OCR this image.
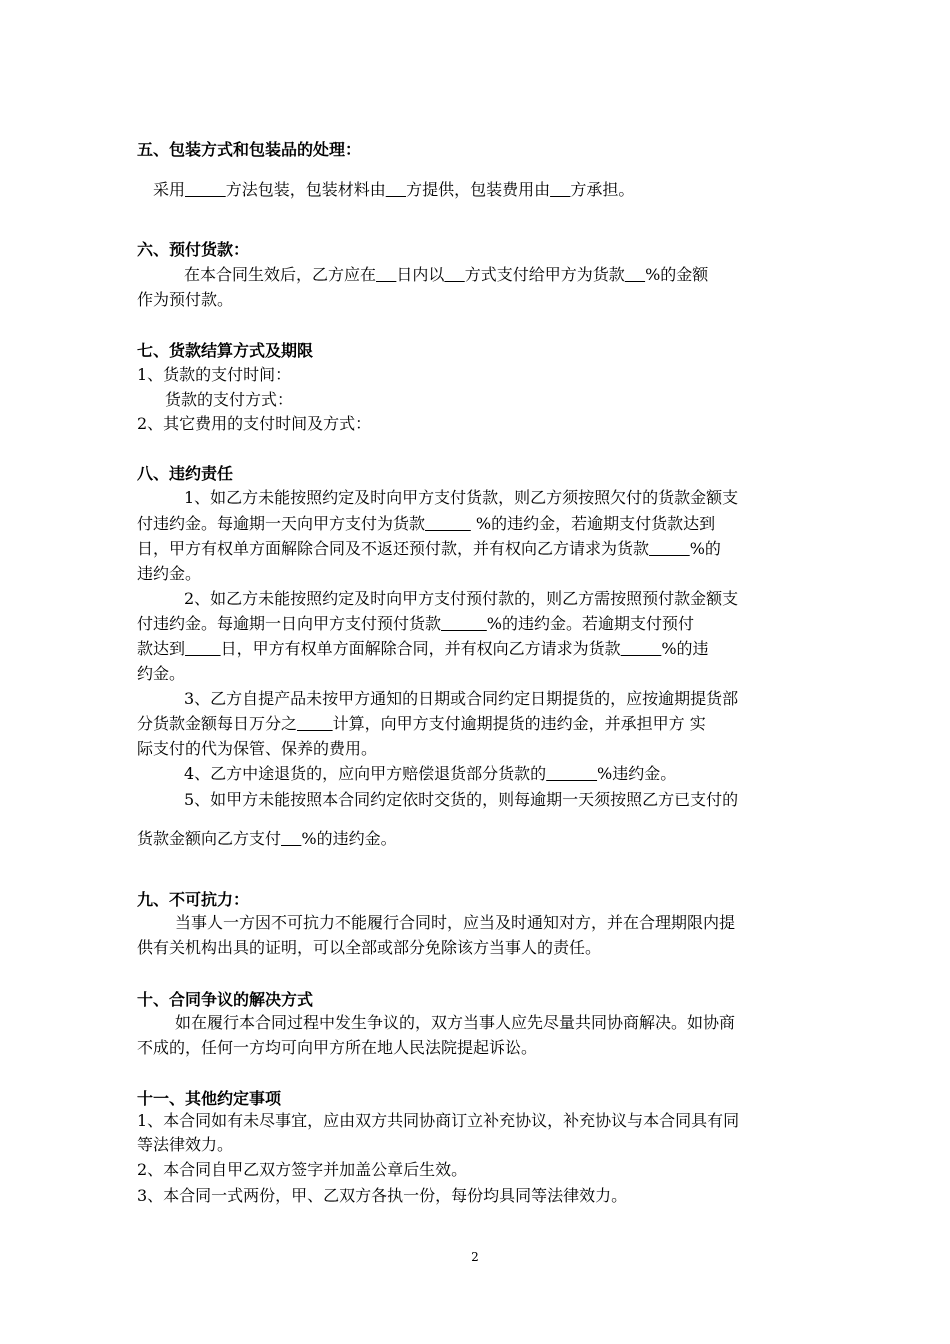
五、包装方式和包装品的处理：
采用	方法包装，包装材料由 方提供，包装费用由 方承担。
六、预付货款：
在本合同生效后，乙方应在 日内以 方式支付给甲方为货款 %的金额
作为预付款。
七、货款结算方式及期限
1、货款的支付时间：
货款的支付方式：
2、其它费用的支付时间及方式：
八、违约责任
1、如乙方未能按照约定及时向甲方支付货款，则乙方须按照欠付的货款金额支
付违约金。每逾期一天向甲方支付为货款	%的违约金，若逾期支付货款达到
日，甲方有权单方面解除合同及不返还预付款，并有权向乙方请求为货款	%的
违约金。
2、如乙方未能按照约定及时向甲方支付预付款的，则乙方需按照预付款金额支
付违约金。每逾期一日向甲方支付预付货款	%的违约金。若逾期支付预付
款达到 日，甲方有权单方面解除合同，并有权向乙方请求为货款	%的违
约金。
3、乙方自提产品未按甲方通知的日期或合同约定日期提货的，应按逾期提货部
分货款金额每日万分之 计算，向甲方支付逾期提货的违约金，并承担甲方 实
际支付的代为保管、保养的费用。
4、乙方中途退货的，应向甲方赔偿退货部分货款的	%违约金。
5、如甲方未能按照本合同约定依时交货的，则每逾期一天须按照乙方已支付的
货款金额向乙方支付 %的违约金。
九、不可抗力：
当事人一方因不可抗力不能履行合同时，应当及时通知对方，并在合理期限内提
供有关机构出具的证明，可以全部或部分免除该方当事人的责任。
十、合同争议的解决方式
如在履行本合同过程中发生争议的，双方当事人应先尽量共同协商解决。如协商
不成的，任何一方均可向甲方所在地人民法院提起诉讼。
十一、其他约定事项
1、本合同如有未尽事宜，应由双方共同协商订立补充协议，补充协议与本合同具有同
等法律效力。
2、本合同自甲乙双方签字并加盖公章后生效。
3、本合同一式两份，甲、乙双方各执一份，每份均具同等法律效力。
2
